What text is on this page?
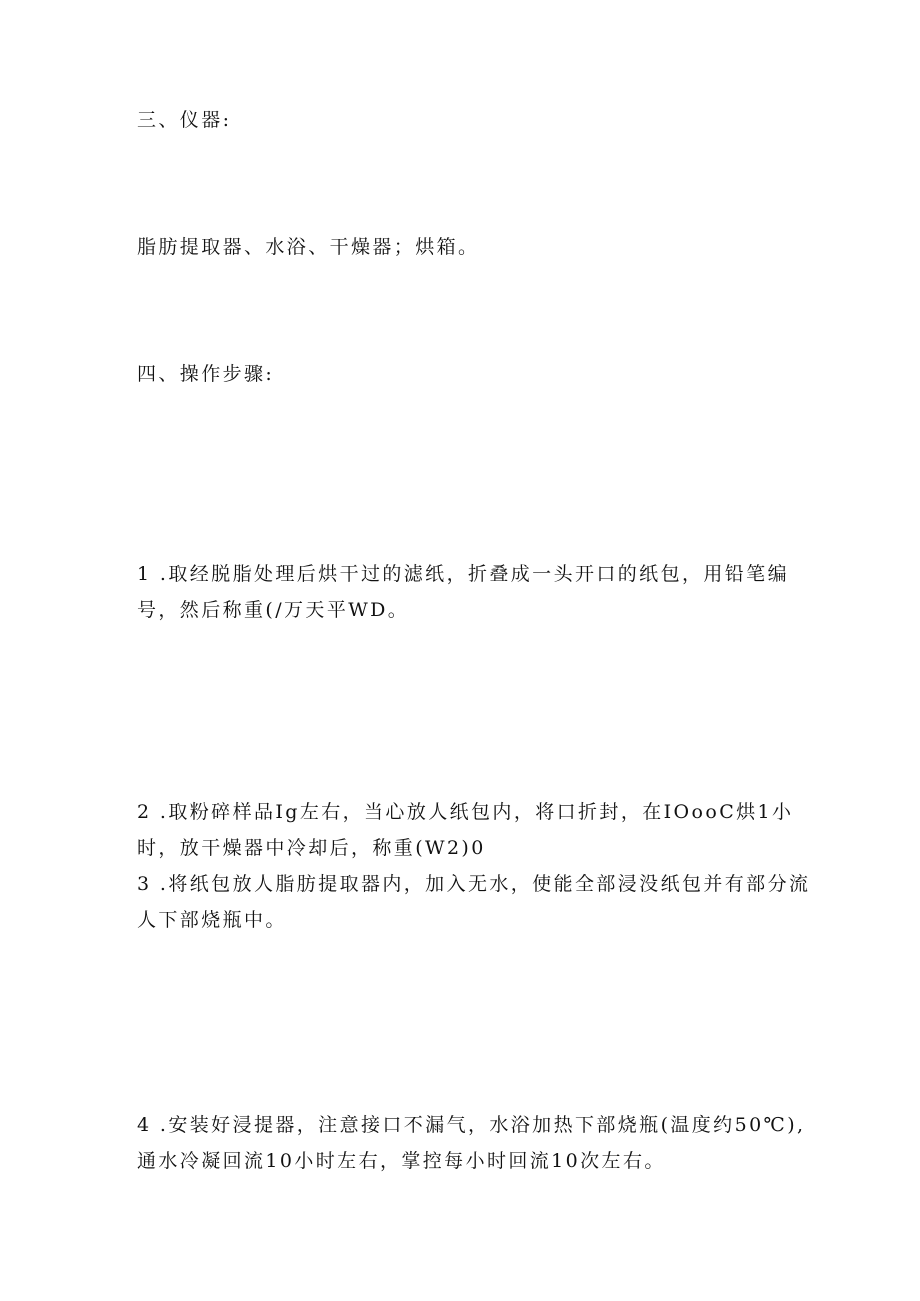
三、仪器:

脂肪提取器、水浴、干燥器；烘箱。

四、操作步骤:

1 .取经脱脂处理后烘干过的滤纸，折叠成一头开口的纸包，用铅笔编
号，然后称重(/万天平WD。
2 .取粉碎样品Ig左右，当心放人纸包内，将口折封，在IOooC烘1小
时，放干燥器中冷却后，称重(W2)0
3 .将纸包放人脂肪提取器内，加入无水，使能全部浸没纸包并有部分流
人下部烧瓶中。
4 .安装好浸提器，注意接口不漏气，水浴加热下部烧瓶(温度约50℃),
通水冷凝回流10小时左右，掌控每小时回流10次左右。
